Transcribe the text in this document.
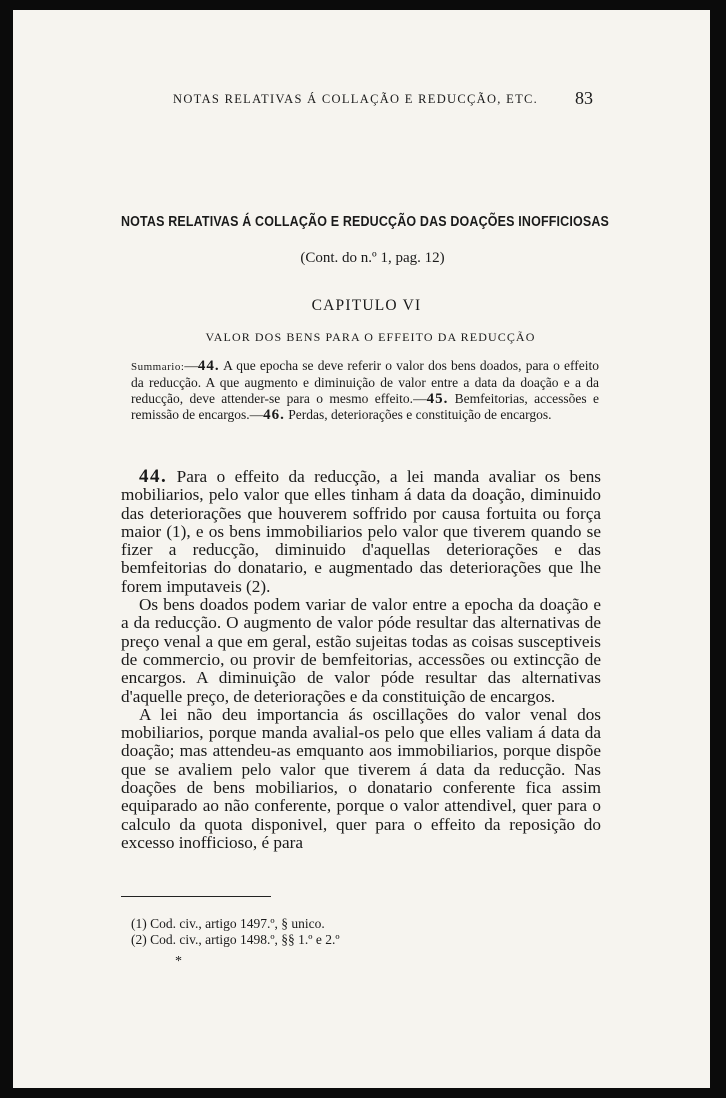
NOTAS RELATIVAS Á COLLAÇÃO E REDUCÇÃO, ETC.	83
NOTAS RELATIVAS Á COLLAÇÃO E REDUCÇÃO DAS DOAÇÕES INOFFICIOSAS
(Cont. do n.º 1, pag. 12)
CAPITULO VI
VALOR DOS BENS PARA O EFFEITO DA REDUCÇÃO

Summario:—44. A que epocha se deve referir o valor dos bens doados, para o effeito da reducção. A que augmento e diminuição de valor entre a data da doação e a da reducção, deve attender-se para o mesmo effeito.—45. Bemfeitorias, accessões e remissão de encargos.—46. Perdas, deteriorações e constituição de encargos.

44. Para o effeito da reducção, a lei manda avaliar os bens mobiliarios, pelo valor que elles tinham á data da doação, diminuido das deteriorações que houverem soffrido por causa fortuita ou força maior (1), e os bens immobiliarios pelo valor que tiverem quando se fizer a reducção, diminuido d'aquellas deteriorações e das bemfeitorias do donatario, e augmentado das deteriorações que lhe forem imputaveis (2).

Os bens doados podem variar de valor entre a epocha da doação e a da reducção. O augmento de valor póde resultar das alternativas de preço venal a que em geral, estão sujeitas todas as coisas susceptiveis de commercio, ou provir de bemfeitorias, accessões ou extincção de encargos. A diminuição de valor póde resultar das alternativas d'aquelle preço, de deteriorações e da constituição de encargos.

A lei não deu importancia ás oscillações do valor venal dos mobiliarios, porque manda avalial-os pelo que elles valiam á data da doação; mas attendeu-as emquanto aos immobiliarios, porque dispõe que se avaliem pelo valor que tiverem á data da reducção. Nas doações de bens mobiliarios, o donatario conferente fica assim equiparado ao não conferente, porque o valor attendivel, quer para o calculo da quota disponivel, quer para o effeito da reposição do excesso inofficioso, é para

(1) Cod. civ., artigo 1497.º, § unico.
(2) Cod. civ., artigo 1498.º, §§ 1.º e 2.º
*
